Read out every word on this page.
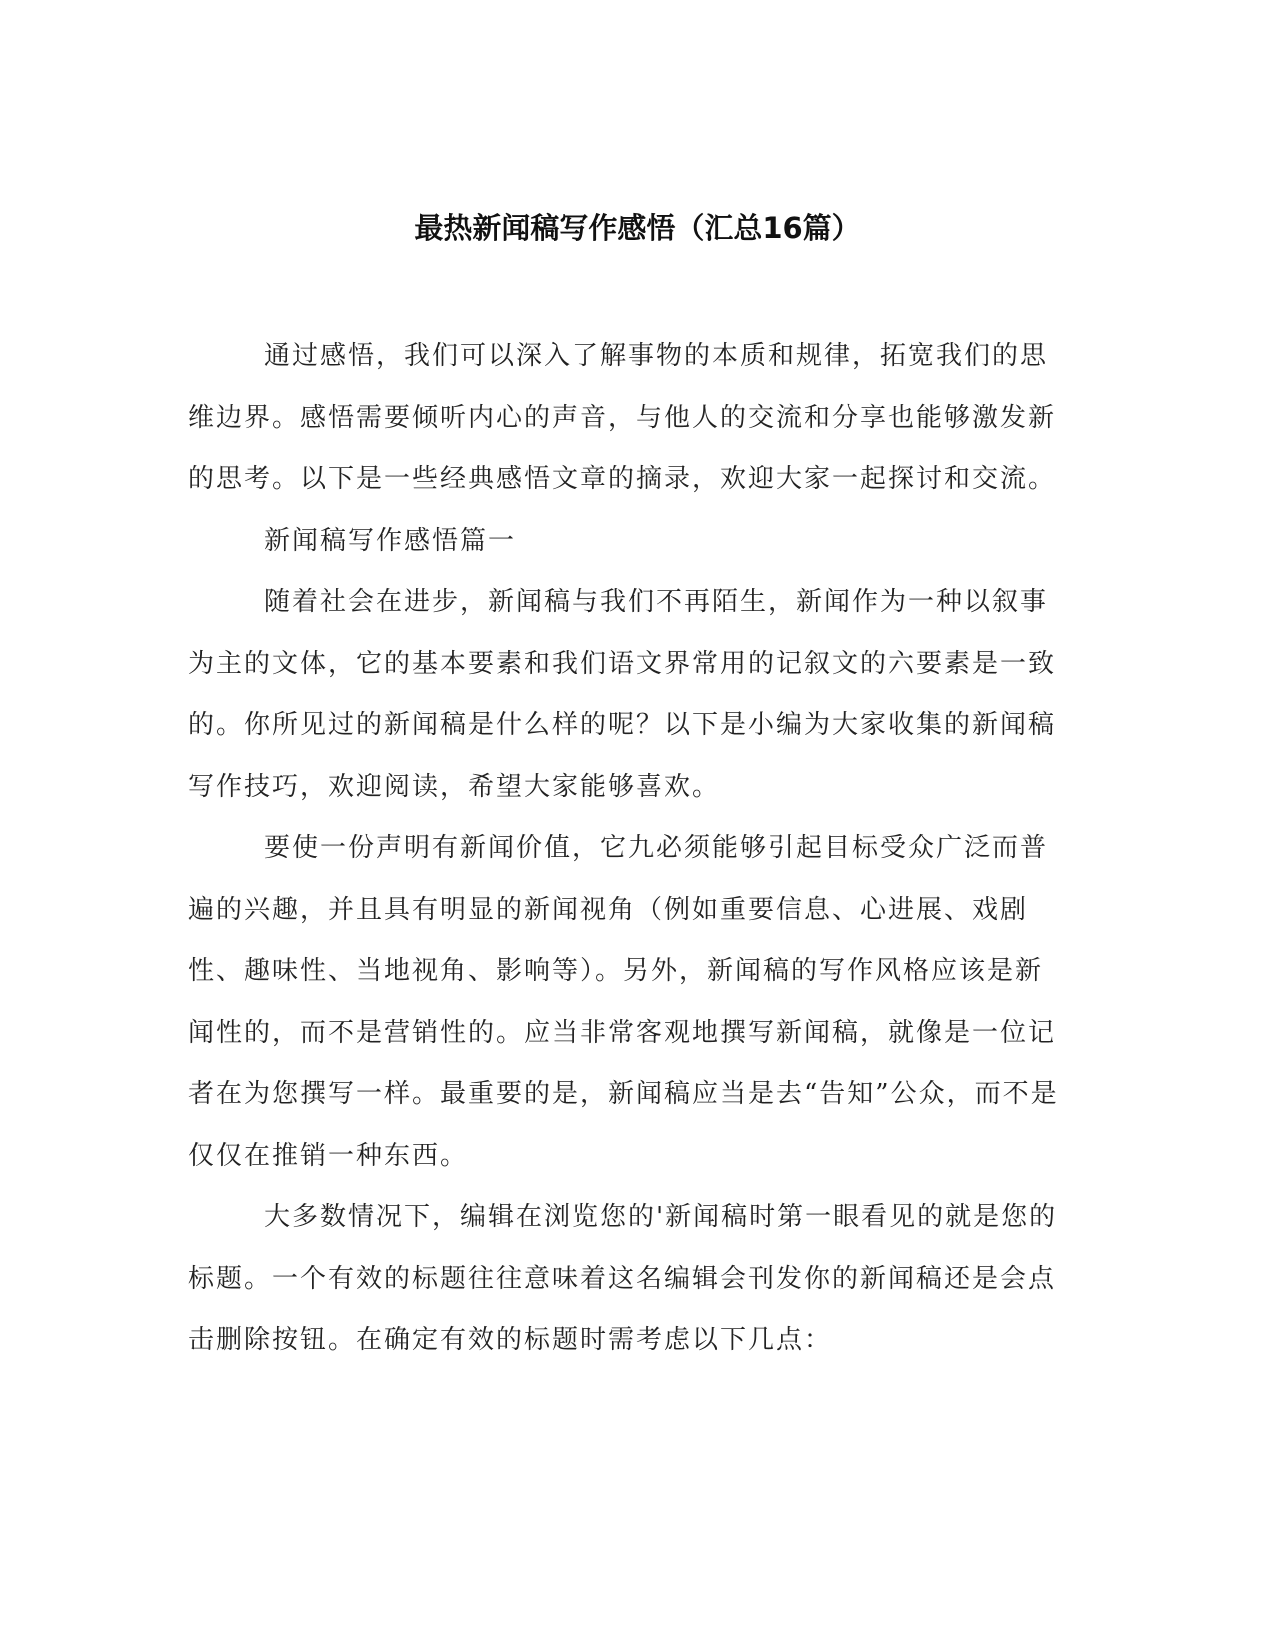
最热新闻稿写作感悟（汇总16篇）

通过感悟，我们可以深入了解事物的本质和规律，拓宽我们的思维边界。感悟需要倾听内心的声音，与他人的交流和分享也能够激发新的思考。以下是一些经典感悟文章的摘录，欢迎大家一起探讨和交流。

新闻稿写作感悟篇一

随着社会在进步，新闻稿与我们不再陌生，新闻作为一种以叙事为主的文体，它的基本要素和我们语文界常用的记叙文的六要素是一致的。你所见过的新闻稿是什么样的呢？以下是小编为大家收集的新闻稿写作技巧，欢迎阅读，希望大家能够喜欢。

要使一份声明有新闻价值，它九必须能够引起目标受众广泛而普遍的兴趣，并且具有明显的新闻视角（例如重要信息、心进展、戏剧性、趣味性、当地视角、影响等）。另外，新闻稿的写作风格应该是新闻性的，而不是营销性的。应当非常客观地撰写新闻稿，就像是一位记者在为您撰写一样。最重要的是，新闻稿应当是去“告知”公众，而不是仅仅在推销一种东西。

大多数情况下，编辑在浏览您的'新闻稿时第一眼看见的就是您的标题。一个有效的标题往往意味着这名编辑会刊发你的新闻稿还是会点击删除按钮。在确定有效的标题时需考虑以下几点：
